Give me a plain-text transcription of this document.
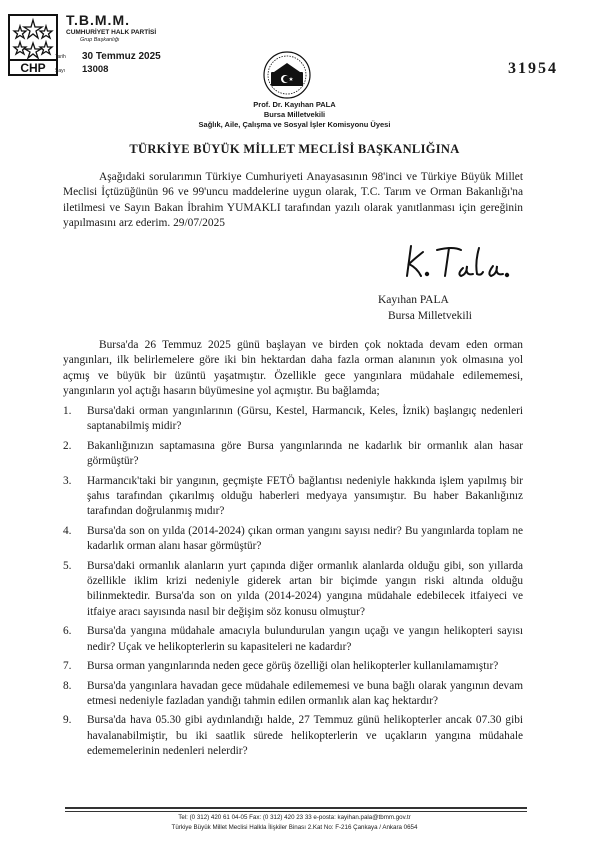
CHP
T.B.M.M.
CUMHURİYET HALK PARTİSİ
Grup Başkanlığı
Tarih 30 Temmuz 2025
Sayı 13008	31954
Prof. Dr. Kayıhan PALA
Bursa Milletvekili
Sağlık, Aile, Çalışma ve Sosyal İşler Komisyonu Üyesi
TÜRKİYE BÜYÜK MİLLET MECLİSİ BAŞKANLIĞINA
Aşağıdaki sorularımın Türkiye Cumhuriyeti Anayasasının 98'inci ve Türkiye Büyük Millet Meclisi İçtüzüğünün 96 ve 99'uncu maddelerine uygun olarak, T.C. Tarım ve Orman Bakanlığı'na iletilmesi ve Sayın Bakan İbrahim YUMAKLI tarafından yazılı olarak yanıtlanması için gereğinin yapılmasını arz ederim. 29/07/2025
Kayıhan PALA
Bursa Milletvekili
Bursa'da 26 Temmuz 2025 günü başlayan ve birden çok noktada devam eden orman yangınları, ilk belirlemelere göre iki bin hektardan daha fazla orman alanının yok olmasına yol açmış ve büyük bir üzüntü yaşatmıştır. Özellikle gece yangınlara müdahale edilememesi, yangınların yol açtığı hasarın büyümesine yol açmıştır. Bu bağlamda;
1. Bursa'daki orman yangınlarının (Gürsu, Kestel, Harmancık, Keles, İznik) başlangıç nedenleri saptanabilmiş midir?
2. Bakanlığınızın saptamasına göre Bursa yangınlarında ne kadarlık bir ormanlık alan hasar görmüştür?
3. Harmancık'taki bir yangının, geçmişte FETÖ bağlantısı nedeniyle hakkında işlem yapılmış bir şahıs tarafından çıkarılmış olduğu haberleri medyaya yansımıştır. Bu haber Bakanlığınız tarafından doğrulanmış mıdır?
4. Bursa'da son on yılda (2014-2024) çıkan orman yangını sayısı nedir? Bu yangınlarda toplam ne kadarlık orman alanı hasar görmüştür?
5. Bursa'daki ormanlık alanların yurt çapında diğer ormanlık alanlarda olduğu gibi, son yıllarda özellikle iklim krizi nedeniyle giderek artan bir biçimde yangın riski altında olduğu bilinmektedir. Bursa'da son on yılda (2014-2024) yangına müdahale edebilecek itfaiyeci ve itfaiye aracı sayısında nasıl bir değişim söz konusu olmuştur?
6. Bursa'da yangına müdahale amacıyla bulundurulan yangın uçağı ve yangın helikopteri sayısı nedir? Uçak ve helikopterlerin su kapasiteleri ne kadardır?
7. Bursa orman yangınlarında neden gece görüş özelliği olan helikopterler kullanılamamıştır?
8. Bursa'da yangınlara havadan gece müdahale edilememesi ve buna bağlı olarak yangının devam etmesi nedeniyle fazladan yandığı tahmin edilen ormanlık alan kaç hektardır?
9. Bursa'da hava 05.30 gibi aydınlandığı halde, 27 Temmuz günü helikopterler ancak 07.30 gibi havalanabilmiştir, bu iki saatlik sürede helikopterlerin ve uçakların yangına müdahale edememelerinin nedenleri nelerdir?
Tel: (0 312) 420 61 04-05 Fax: (0 312) 420 23 33 e-posta: kayihan.pala@tbmm.gov.tr
Türkiye Büyük Millet Meclisi Halkla İlişkiler Binası 2.Kat No: F-216 Çankaya / Ankara 0654
